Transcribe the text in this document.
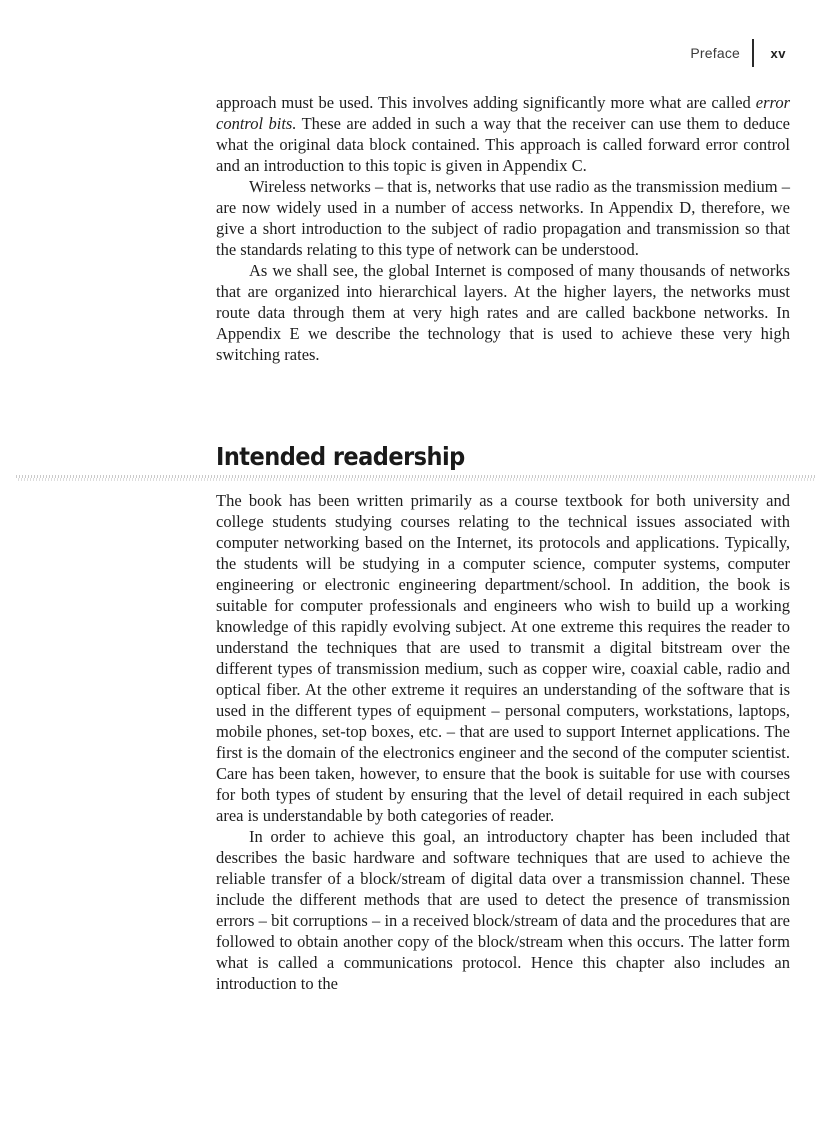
Preface xv

approach must be used. This involves adding significantly more what are called error control bits. These are added in such a way that the receiver can use them to deduce what the original data block contained. This approach is called forward error control and an introduction to this topic is given in Appendix C.

Wireless networks – that is, networks that use radio as the transmission medium – are now widely used in a number of access networks. In Appendix D, therefore, we give a short introduction to the subject of radio propagation and transmission so that the standards relating to this type of network can be understood.

As we shall see, the global Internet is composed of many thousands of networks that are organized into hierarchical layers. At the higher layers, the networks must route data through them at very high rates and are called backbone networks. In Appendix E we describe the technology that is used to achieve these very high switching rates.

Intended readership

The book has been written primarily as a course textbook for both university and college students studying courses relating to the technical issues associated with computer networking based on the Internet, its protocols and applications. Typically, the students will be studying in a computer science, computer systems, computer engineering or electronic engineering department/school. In addition, the book is suitable for computer professionals and engineers who wish to build up a working knowledge of this rapidly evolving subject. At one extreme this requires the reader to understand the techniques that are used to transmit a digital bitstream over the different types of transmission medium, such as copper wire, coaxial cable, radio and optical fiber. At the other extreme it requires an understanding of the software that is used in the different types of equipment – personal computers, workstations, laptops, mobile phones, set-top boxes, etc. – that are used to support Internet applications. The first is the domain of the electronics engineer and the second of the computer scientist. Care has been taken, however, to ensure that the book is suitable for use with courses for both types of student by ensuring that the level of detail required in each subject area is understandable by both categories of reader.

In order to achieve this goal, an introductory chapter has been included that describes the basic hardware and software techniques that are used to achieve the reliable transfer of a block/stream of digital data over a transmission channel. These include the different methods that are used to detect the presence of transmission errors – bit corruptions – in a received block/stream of data and the procedures that are followed to obtain another copy of the block/stream when this occurs. The latter form what is called a communications protocol. Hence this chapter also includes an introduction to the
